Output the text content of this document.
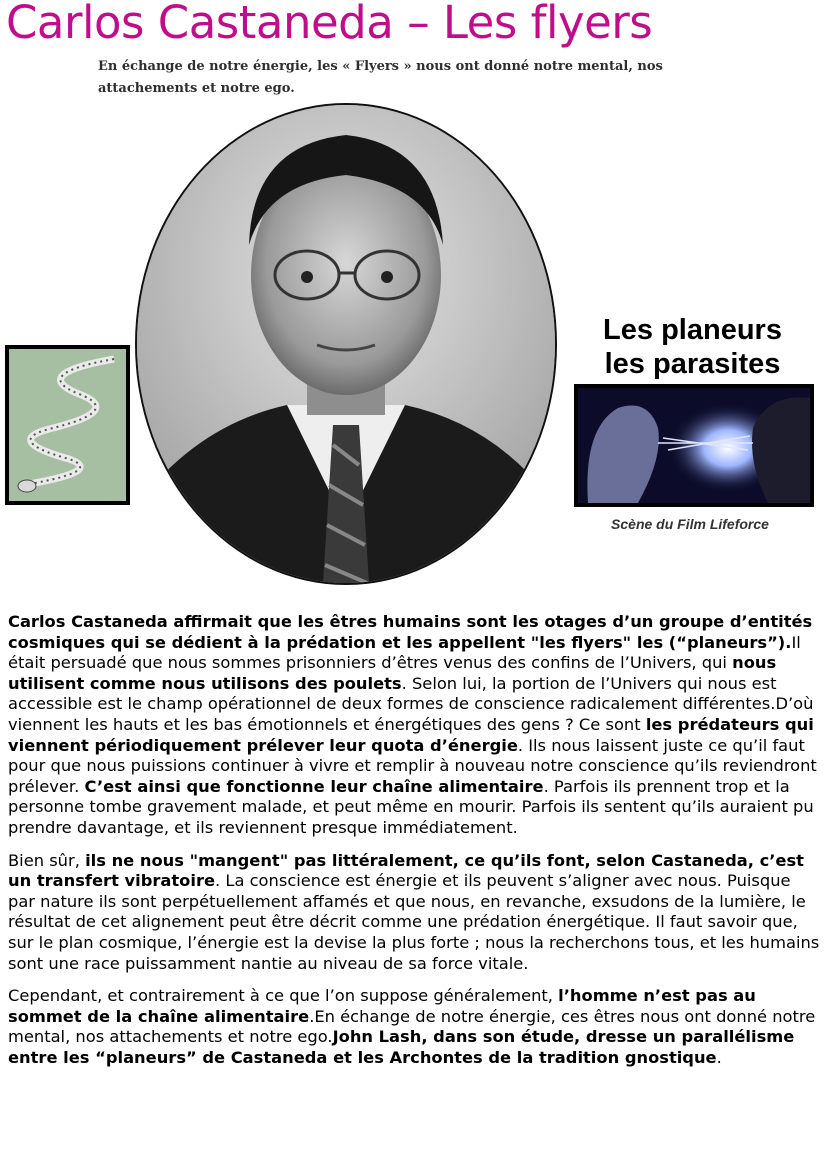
Carlos Castaneda – Les flyers
En échange de notre énergie, les « Flyers » nous ont donné notre mental, nos attachements et notre ego.
Les planeurs
les parasites
Scène du Film Lifeforce

Carlos Castaneda affirmait que les êtres humains sont les otages d’un groupe d’entités cosmiques qui se dédient à la prédation et les appellent "les flyers" les (“planeurs”).Il était persuadé que nous sommes prisonniers d’êtres venus des confins de l’Univers, qui nous utilisent comme nous utilisons des poulets. Selon lui, la portion de l’Univers qui nous est accessible est le champ opérationnel de deux formes de conscience radicalement différentes.D’où viennent les hauts et les bas émotionnels et énergétiques des gens ? Ce sont les prédateurs qui viennent périodiquement prélever leur quota d’énergie. Ils nous laissent juste ce qu’il faut pour que nous puissions continuer à vivre et remplir à nouveau notre conscience qu’ils reviendront prélever. C’est ainsi que fonctionne leur chaîne alimentaire. Parfois ils prennent trop et la personne tombe gravement malade, et peut même en mourir. Parfois ils sentent qu’ils auraient pu prendre davantage, et ils reviennent presque immédiatement.

Bien sûr, ils ne nous "mangent" pas littéralement, ce qu’ils font, selon Castaneda, c’est un transfert vibratoire. La conscience est énergie et ils peuvent s’aligner avec nous. Puisque par nature ils sont perpétuellement affamés et que nous, en revanche, exsudons de la lumière, le résultat de cet alignement peut être décrit comme une prédation énergétique. Il faut savoir que, sur le plan cosmique, l’énergie est la devise la plus forte ; nous la recherchons tous, et les humains sont une race puissamment nantie au niveau de sa force vitale.

Cependant, et contrairement à ce que l’on suppose généralement, l’homme n’est pas au sommet de la chaîne alimentaire.En échange de notre énergie, ces êtres nous ont donné notre mental, nos attachements et notre ego.John Lash, dans son étude, dresse un parallélisme entre les “planeurs” de Castaneda et les Archontes de la tradition gnostique.
